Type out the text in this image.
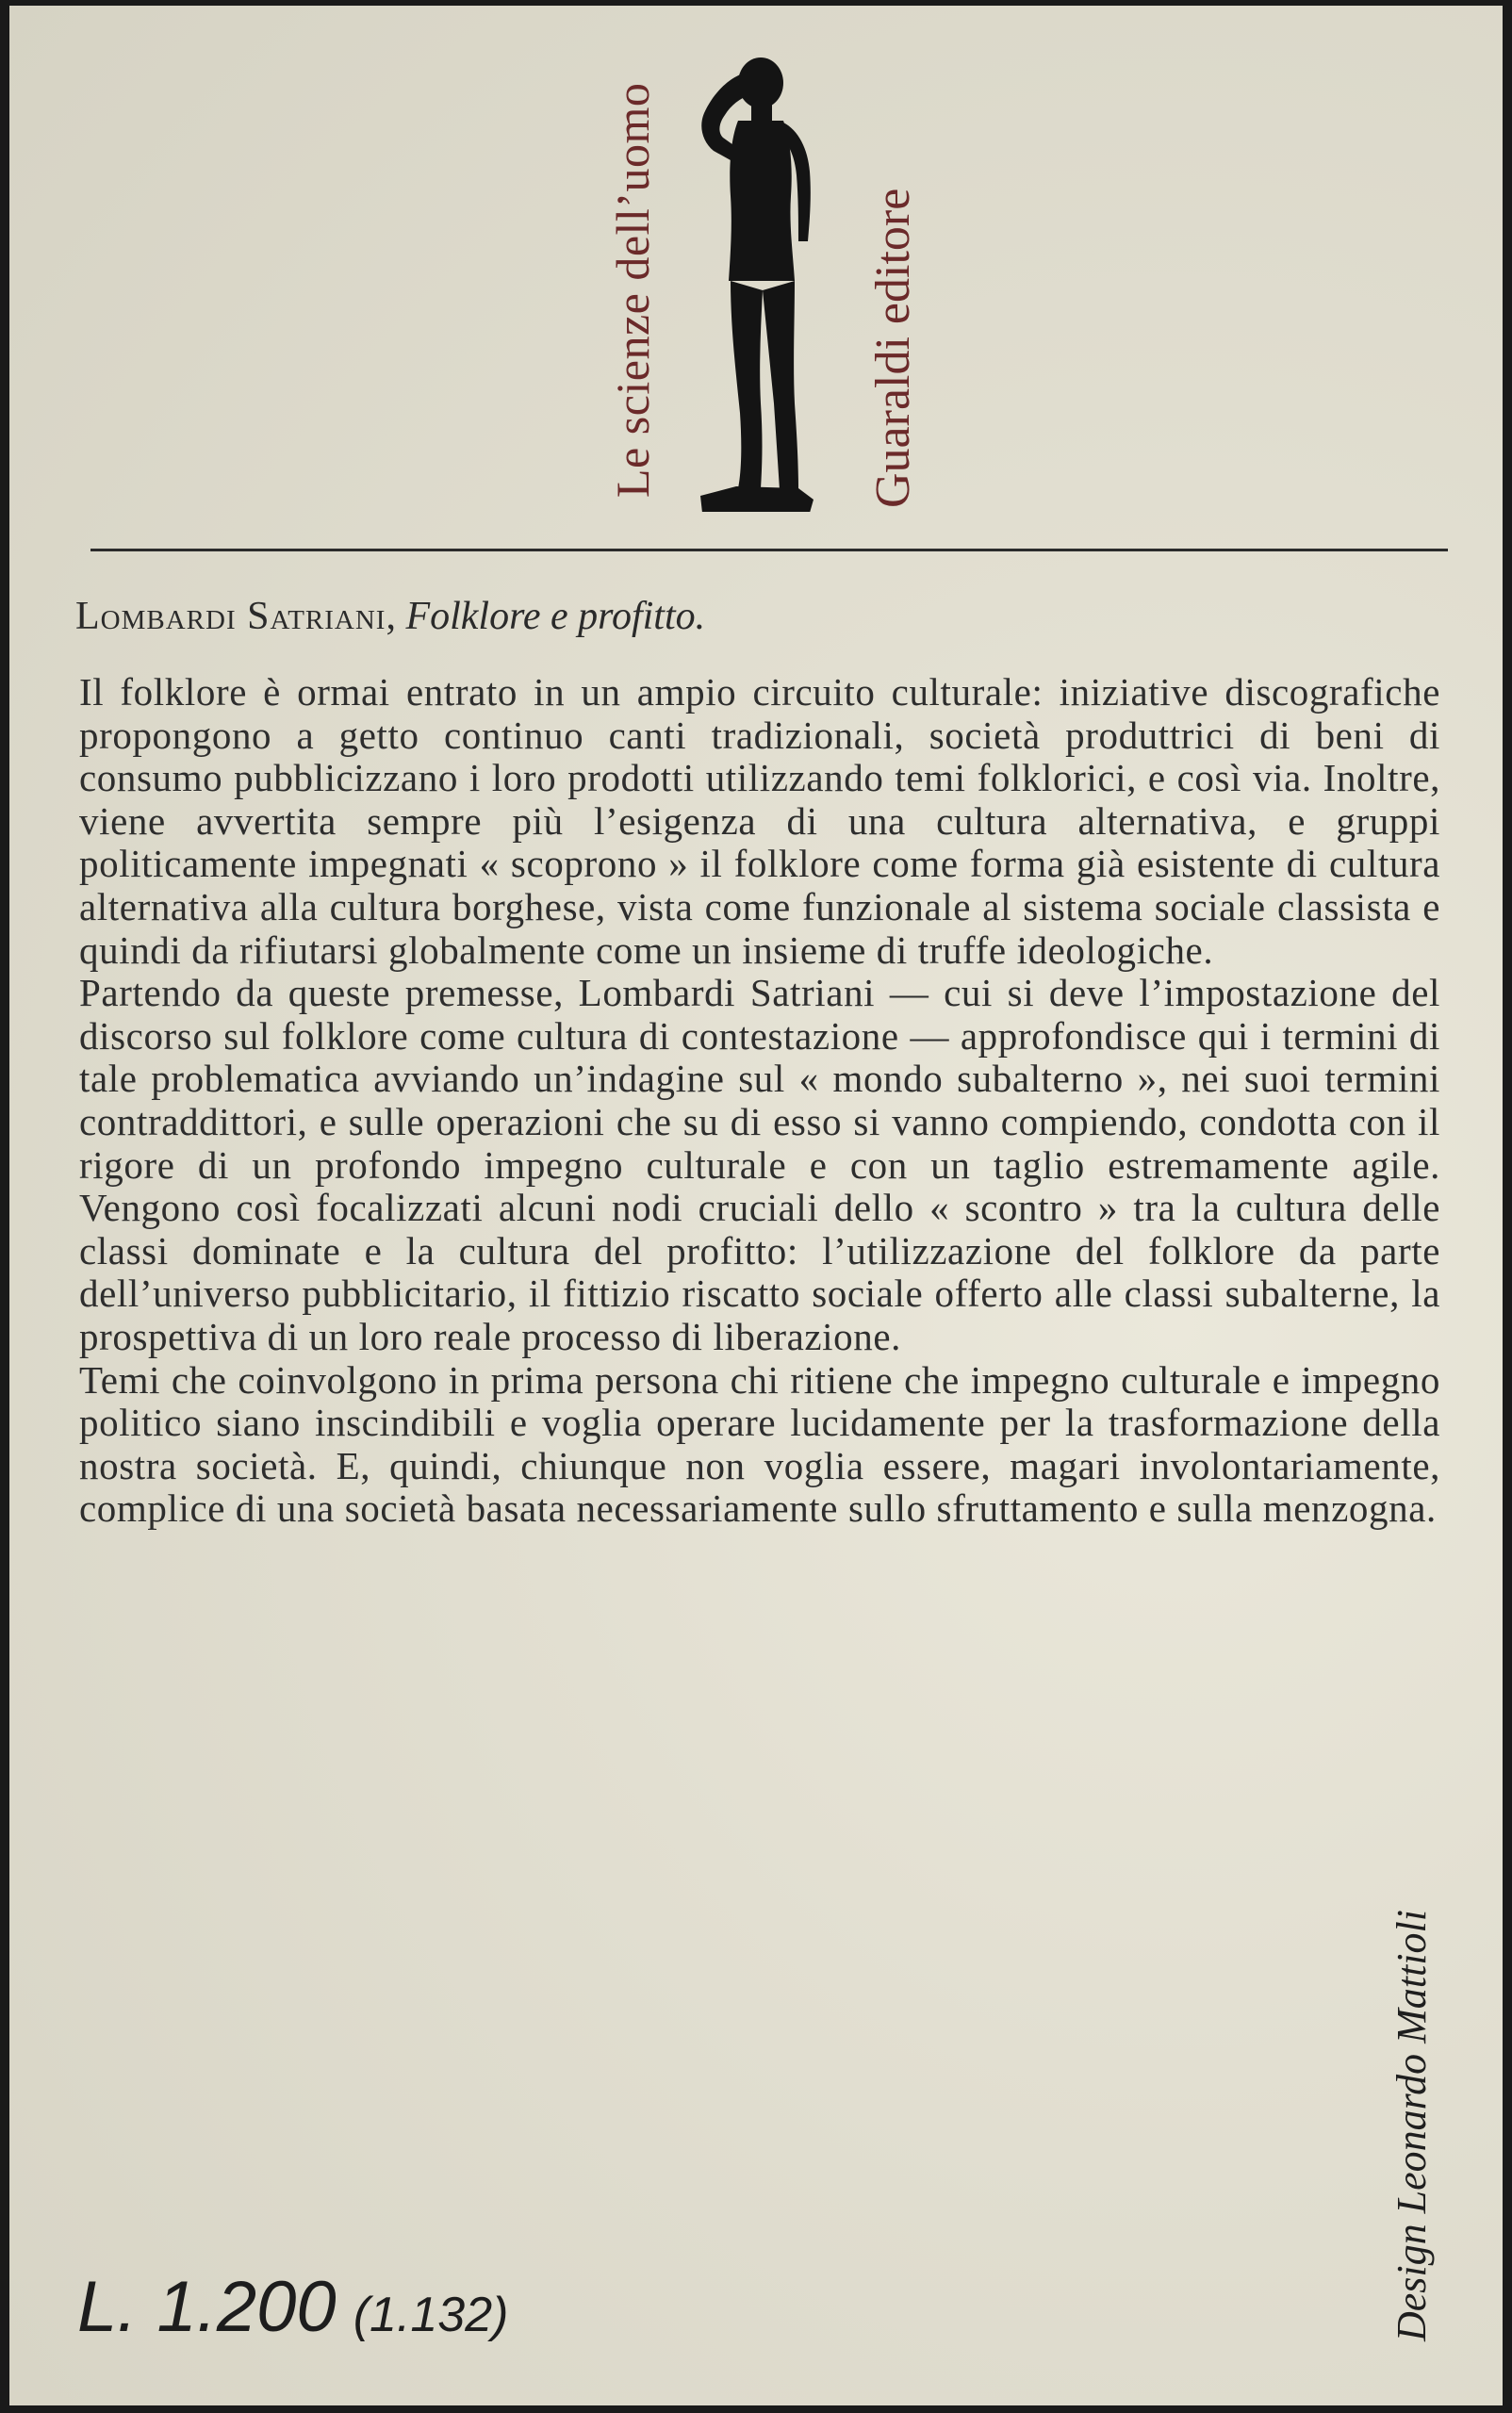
Le scienze dell’uomo	Guaraldi editore
Lombardi Satriani, Folklore e profitto.

Il folklore è ormai entrato in un ampio circuito culturale: iniziative discografiche propongono a getto continuo canti tradizionali, società produttrici di beni di consumo pubblicizzano i loro prodotti utilizzando temi folklorici, e così via. Inoltre, viene avvertita sempre più l’esigenza di una cultura alternativa, e gruppi politicamente impegnati « scoprono » il folklore come forma già esistente di cultura alternativa alla cultura borghese, vista come funzionale al sistema sociale classista e quindi da rifiutarsi globalmente come un insieme di truffe ideologiche.

Partendo da queste premesse, Lombardi Satriani — cui si deve l’impostazione del discorso sul folklore come cultura di contestazione — approfondisce qui i termini di tale problematica avviando un’indagine sul « mondo subalterno », nei suoi termini contraddittori, e sulle operazioni che su di esso si vanno compiendo, condotta con il rigore di un profondo impegno culturale e con un taglio estremamente agile. Vengono così focalizzati alcuni nodi cruciali dello « scontro » tra la cultura delle classi dominate e la cultura del profitto: l’utilizzazione del folklore da parte dell’universo pubblicitario, il fittizio riscatto sociale offerto alle classi subalterne, la prospettiva di un loro reale processo di liberazione.

Temi che coinvolgono in prima persona chi ritiene che impegno culturale e impegno politico siano inscindibili e voglia operare lucidamente per la trasformazione della nostra società. E, quindi, chiunque non voglia essere, magari involontariamente, complice di una società basata necessariamente sullo sfruttamento e sulla menzogna.

L. 1.200 (1.132)	Design Leonardo Mattioli
